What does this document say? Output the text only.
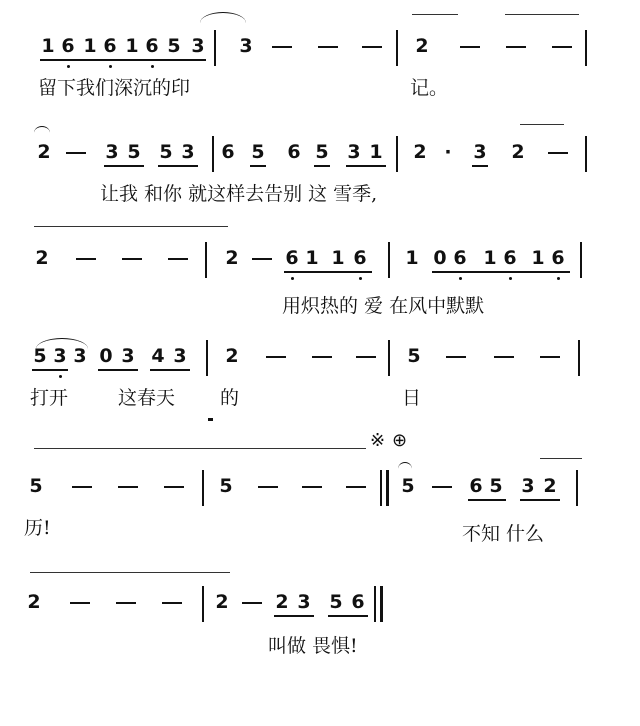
1 6 1 6 1 6 5 3 3	2
留下我们深沉的印	记。
2	3 5 5 3 6 5 6 5 3 1 2 ·	3 2
让我 和你 就这样去告别 这 雪季,
2	2 6 1 1 6 1 0 6 1 6 1 6
用炽热的 爱 在风中默默
5 3 3 0 3 4 3 2	5
打开	这春天 的	日
※ ⊕
5	5	5	6 5 3 2
历!	不知 什么
2	2 2 3 5 6
叫做 畏惧!
